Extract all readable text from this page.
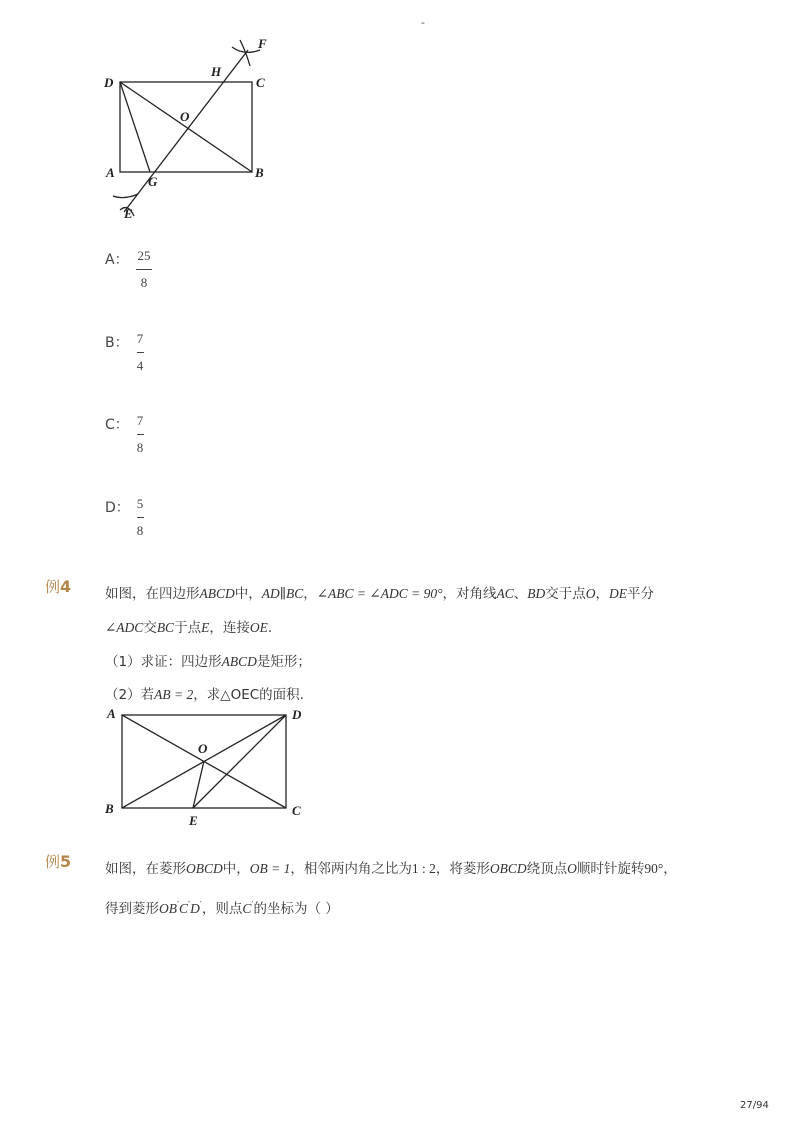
-
D	C
H
F
O
A
G
B
E
A： 25
8
B： 7
4
C： 7
8
D： 5
8
例4	如图，在四边形ABCD中，AD∥BC，∠ABC = ∠ADC = 90°，对角线AC、BD交于点O，DE平分
∠ADC交BC于点E，连接OE.
（1）求证：四边形ABCD是矩形；
（2）若AB = 2，求△OEC的面积.
A	D
O
B
E
C
例5	如图，在菱形OBCD中，OB = 1，相邻两内角之比为1 : 2，将菱形OBCD绕顶点O顺时针旋转90°，
得到菱形OB′C′D′，则点C′的坐标为（ ）
27/94
